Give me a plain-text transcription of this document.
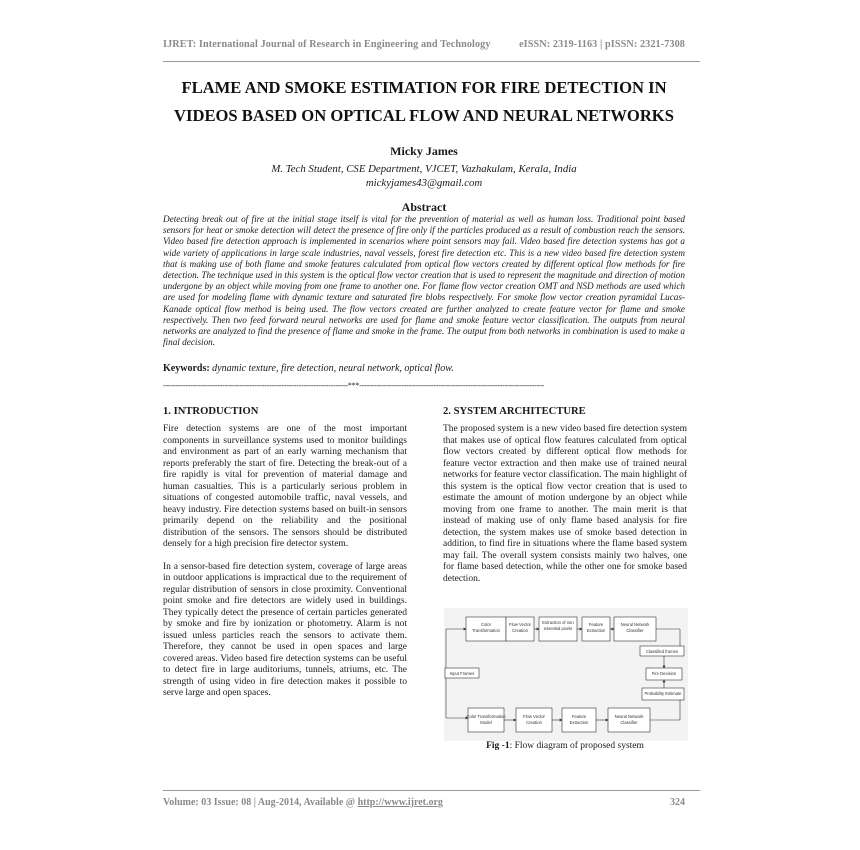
IJRET: International Journal of Research in Engineering and Technology	eISSN: 2319-1163 | pISSN: 2321-7308
FLAME AND SMOKE ESTIMATION FOR FIRE DETECTION IN
VIDEOS BASED ON OPTICAL FLOW AND NEURAL NETWORKS
Micky James
M. Tech Student, CSE Department, VJCET, Vazhakulam, Kerala, India
mickyjames43@gmail.com
Abstract

Detecting break out of fire at the initial stage itself is vital for the prevention of material as well as human loss. Traditional point based sensors for heat or smoke detection will detect the presence of fire only if the particles produced as a result of combustion reach the sensors. Video based fire detection approach is implemented in scenarios where point sensors may fail. Video based fire detection systems has got a wide variety of applications in large scale industries, naval vessels, forest fire detection etc. This is a new video based fire detection system that is making use of both flame and smoke features calculated from optical flow vectors created by different optical flow methods for fire detection. The technique used in this system is the optical flow vector creation that is used to represent the magnitude and direction of motion undergone by an object while moving from one frame to another one. For flame flow vector creation OMT and NSD methods are used which are used for modeling flame with dynamic texture and saturated fire blobs respectively. For smoke flow vector creation pyramidal Lucas-Kanade optical flow method is being used. The flow vectors created are further analyzed to create feature vector for flame and smoke respectively. Then two feed forward neural networks are used for flame and smoke feature vector classification. The outputs from neural networks are analyzed to find the presence of flame and smoke in the frame. The output from both networks in combination is used to make a final decision.

Keywords: dynamic texture, fire detection, neural network, optical flow.
---------------------------------------------------------------------------***---------------------------------------------------------------------------
1. INTRODUCTION

Fire detection systems are one of the most important components in surveillance systems used to monitor buildings and environment as part of an early warning mechanism that reports preferably the start of fire. Detecting the break-out of a fire rapidly is vital for prevention of material damage and human casualties. This is a particularly serious problem in situations of congested automobile traffic, naval vessels, and heavy industry. Fire detection systems based on built-in sensors primarily depend on the reliability and the positional distribution of the sensors. The sensors should be distributed densely for a high precision fire detector system.

In a sensor-based fire detection system, coverage of large areas in outdoor applications is impractical due to the requirement of regular distribution of sensors in close proximity. Conventional point smoke and fire detectors are widely used in buildings. They typically detect the presence of certain particles generated by smoke and fire by ionization or photometry. Alarm is not issued unless particles reach the sensors to activate them. Therefore, they cannot be used in open spaces and large covered areas. Video based fire detection systems can be useful to detect fire in large auditoriums, tunnels, atriums, etc. The strength of using video in fire detection makes it possible to serve large and open spaces.

2. SYSTEM ARCHITECTURE

The proposed system is a new video based fire detection system that makes use of optical flow features calculated from optical flow vectors created by different optical flow methods for feature vector extraction and then make use of trained neural networks for feature vector classification. The main highlight of this system is the optical flow vector creation that is used to estimate the amount of motion undergone by an object while moving from one frame to another. The main merit is that instead of making use of only flame based analysis for fire detection, the system makes use of smoke based detection in addition, to find fire in situations where the flame based system may fail. The overall system consists mainly two halves, one for flame based detection, while the other one for smoke based detection.

Color
Transformation
Flow Vector
Creation
Extraction of non
essential pixels
Feature
Extraction
Neural Network
Classifier
Classified frames
Fire Decision
Probability Estimate
Input Frames
Color Transformation
Model
Flow Vector
Creation
Feature
Extraction
Neural Network
Classifier
Fig -1: Flow diagram of proposed system
Volume: 03 Issue: 08 | Aug-2014, Available @ http://www.ijret.org	324
